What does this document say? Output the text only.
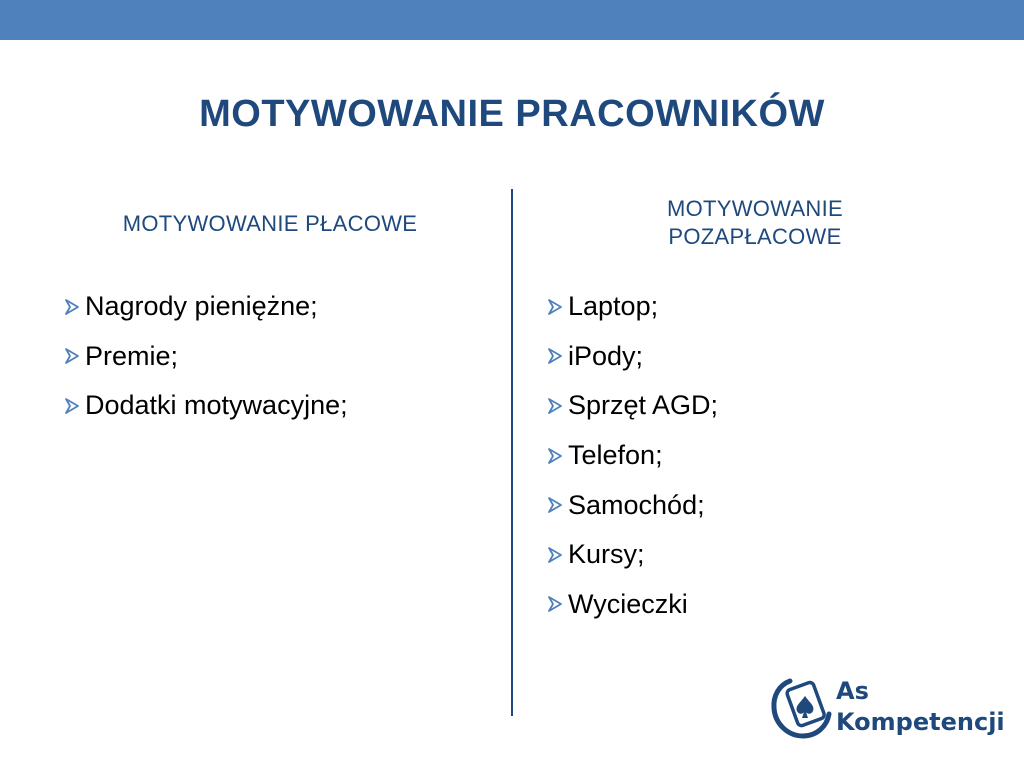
MOTYWOWANIE PRACOWNIKÓW
MOTYWOWANIE PŁACOWE
MOTYWOWANIE
POZAPŁACOWE
Nagrody pieniężne;
Premie;
Dodatki motywacyjne;
Laptop;
iPody;
Sprzęt AGD;
Telefon;
Samochód;
Kursy;
Wycieczki
As
Kompetencji
